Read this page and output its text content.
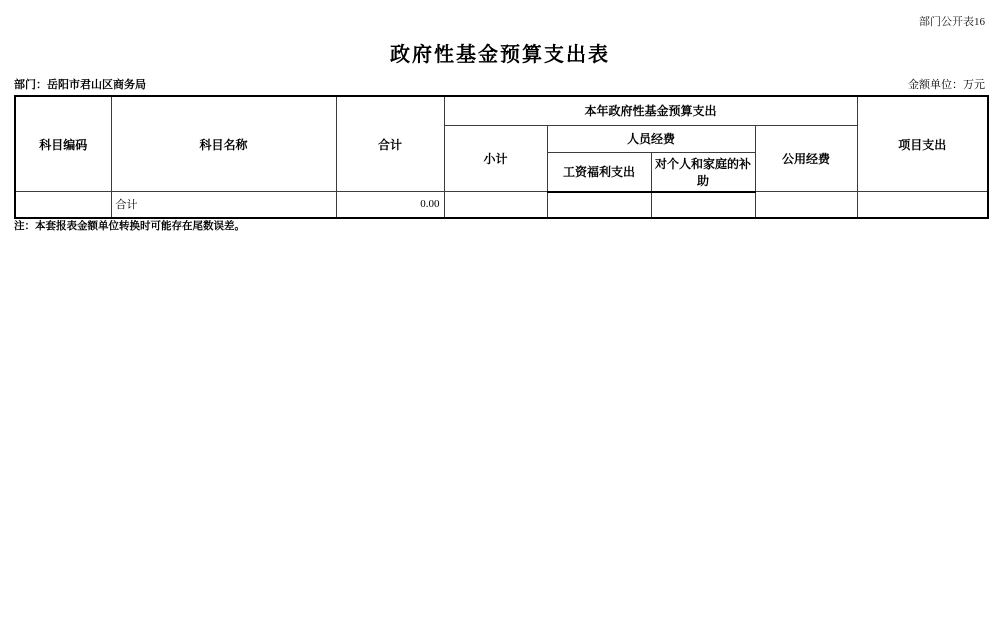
部门公开表16
政府性基金预算支出表
部门：岳阳市君山区商务局	金额单位：万元
科目编码	科目名称	合计	本年政府性基金预算支出				项目支出
			小计	人员经费		公用经费	
				工资福利支出	对个人和家庭的补助		
	合计	0.00					
注：本套报表金额单位转换时可能存在尾数误差。
